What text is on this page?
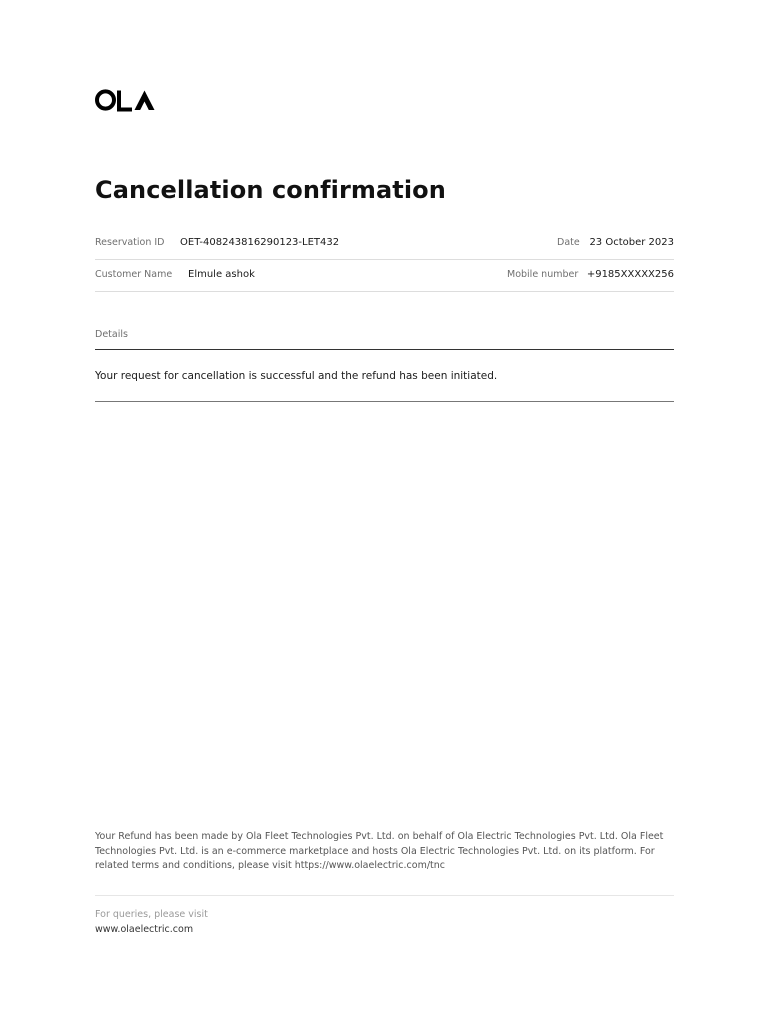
Cancellation confirmation
Reservation ID OET-408243816290123-LET432	Date 23 October 2023
Customer Name Elmule ashok	Mobile number +9185XXXXX256
Details
Your request for cancellation is successful and the refund has been initiated.
Your Refund has been made by Ola Fleet Technologies Pvt. Ltd. on behalf of Ola Electric Technologies Pvt. Ltd. Ola Fleet Technologies Pvt. Ltd. is an e-commerce marketplace and hosts Ola Electric Technologies Pvt. Ltd. on its platform. For related terms and conditions, please visit https://www.olaelectric.com/tnc
For queries, please visit
www.olaelectric.com
